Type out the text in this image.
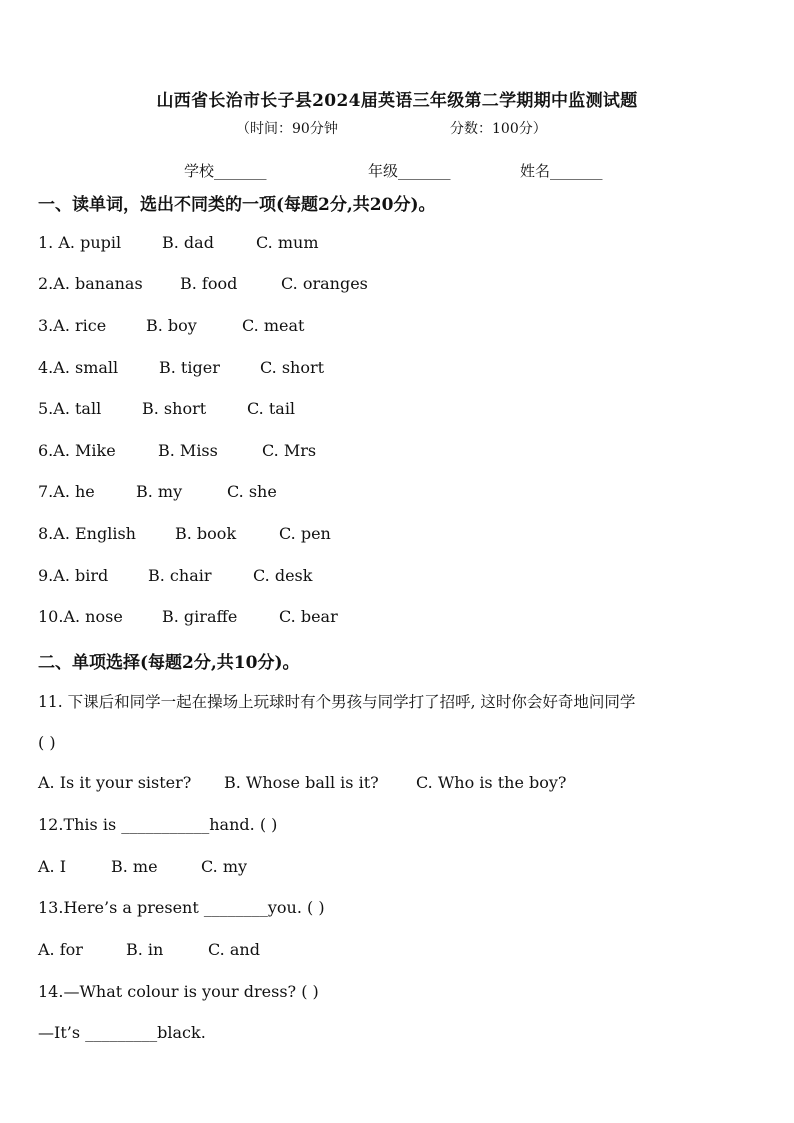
山西省长治市长子县2024届英语三年级第二学期期中监测试题
（时间：90分钟	分数：100分）
学校_______	年级_______	姓名_______
一、读单词，选出不同类的一项(每题2分,共20分)。
1. A. pupil	B. dad	C. mum
2.A. bananas B. food	C. oranges
3.A. rice B. boy	C. meat
4.A. small	B. tiger	C. short
5.A. tall	B. short	C. tail
6.A. Mike	B. Miss	C. Mrs
7.A. he	B. my	C. she
8.A. English B. book	C. pen
9.A. bird B. chair	C. desk
10.A. nose B. giraffe	C. bear
二、单项选择(每题2分,共10分)。
11. 下课后和同学一起在操场上玩球时有个男孩与同学打了招呼, 这时你会好奇地问同学
( )
A. Is it your sister? B. Whose ball is it? C. Who is the boy?
12.This is ___________hand. ( )
A. I	B. me	C. my
13.Here’s a present ________you. ( )
A. for	B. in	C. and
14.—What colour is your dress? ( )
—It’s _________black.
